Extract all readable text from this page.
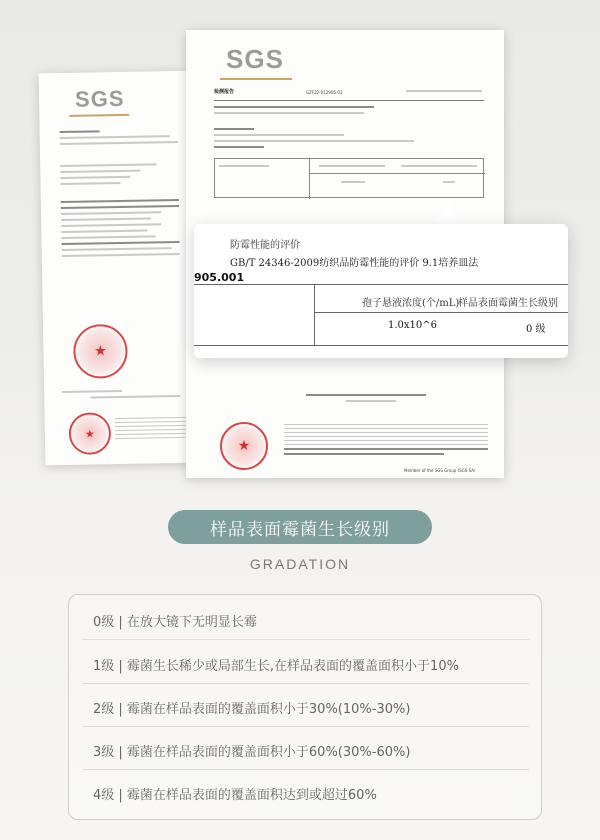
SGS
★
★
SGS
检测报告	GZF22-012905-01
★
Member of the SGS Group (SGS SA)
防霉性能的评价
GB/T 24346-2009纺织品防霉性能的评价 9.1培养皿法
905.001
孢子悬液浓度(个/mL)
样品表面霉菌生长级别
1.0x10^6	0 级
样品表面霉菌生长级别
GRADATION
0级 | 在放大镜下无明显长霉
1级 | 霉菌生长稀少或局部生长,在样品表面的覆盖面积小于10%
2级 | 霉菌在样品表面的覆盖面积小于30%(10%-30%)
3级 | 霉菌在样品表面的覆盖面积小于60%(30%-60%)
4级 | 霉菌在样品表面的覆盖面积达到或超过60%
